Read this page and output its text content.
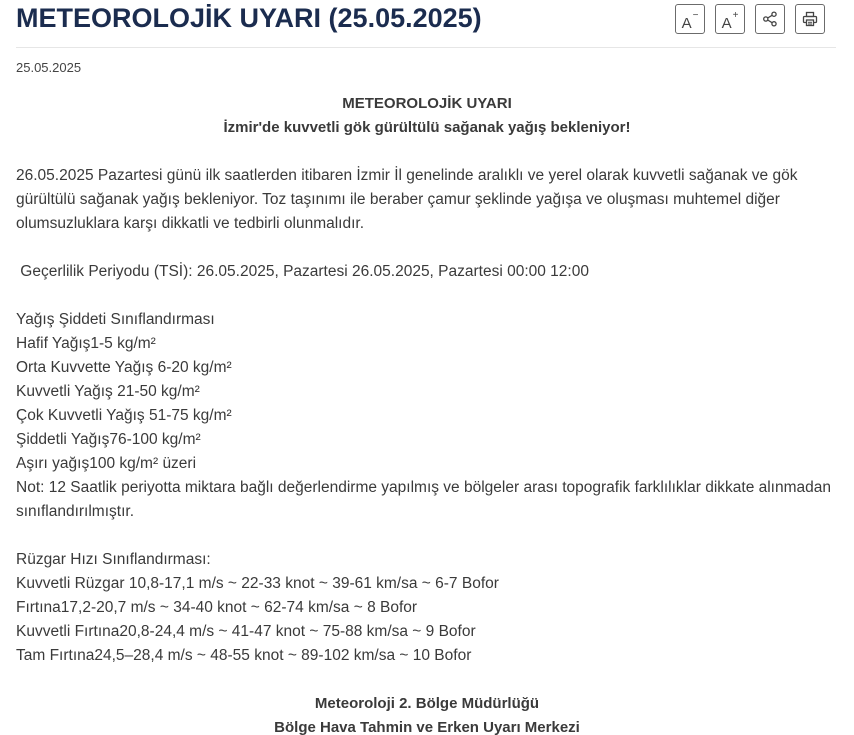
METEOROLOJİK UYARI (25.05.2025)	A− A+
25.05.2025

METEOROLOJİK UYARI

İzmir'de kuvvetli gök gürültülü sağanak yağış bekleniyor!

26.05.2025 Pazartesi günü ilk saatlerden itibaren İzmir İl genelinde aralıklı ve yerel olarak kuvvetli sağanak ve gök gürültülü sağanak yağış bekleniyor. Toz taşınımı ile beraber çamur şeklinde yağışa ve oluşması muhtemel diğer olumsuzluklara karşı dikkatli ve tedbirli olunmalıdır.

Geçerlilik Periyodu (TSİ): 26.05.2025, Pazartesi 26.05.2025, Pazartesi 00:00 12:00

Yağış Şiddeti Sınıflandırması
Hafif Yağış1-5 kg/m²
Orta Kuvvette Yağış 6-20 kg/m²
Kuvvetli Yağış 21-50 kg/m²
Çok Kuvvetli Yağış 51-75 kg/m²
Şiddetli Yağış76-100 kg/m²
Aşırı yağış100 kg/m² üzeri
Not: 12 Saatlik periyotta miktara bağlı değerlendirme yapılmış ve bölgeler arası topografik farklılıklar dikkate alınmadan sınıflandırılmıştır.
Rüzgar Hızı Sınıflandırması:
Kuvvetli Rüzgar 10,8-17,1 m/s ~ 22-33 knot ~ 39-61 km/sa ~ 6-7 Bofor
Fırtına17,2-20,7 m/s ~ 34-40 knot ~ 62-74 km/sa ~ 8 Bofor
Kuvvetli Fırtına20,8-24,4 m/s ~ 41-47 knot ~ 75-88 km/sa ~ 9 Bofor
Tam Fırtına24,5–28,4 m/s ~ 48-55 knot ~ 89-102 km/sa ~ 10 Bofor

Meteoroloji 2. Bölge Müdürlüğü

Bölge Hava Tahmin ve Erken Uyarı Merkezi
